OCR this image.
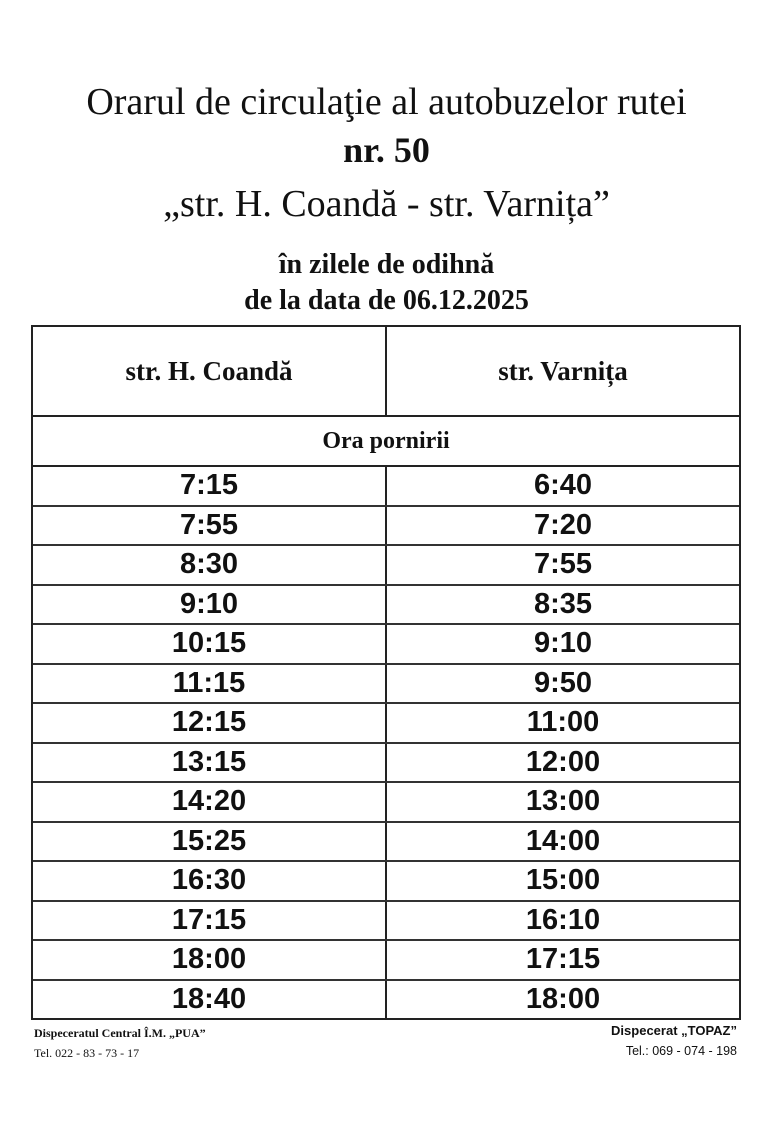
Orarul de circulaţie al autobuzelor rutei
nr. 50
„str. H. Coandă - str. Varnița”
în zilele de odihnă
de la data de 06.12.2025
str. H. Coandă	str. Varnița
Ora pornirii
7:15	6:40
7:55	7:20
8:30	7:55
9:10	8:35
10:15	9:10
11:15	9:50
12:15	11:00
13:15	12:00
14:20	13:00
15:25	14:00
16:30	15:00
17:15	16:10
18:00	17:15
18:40	18:00
Dispeceratul Central Î.M. „PUA”
Tel. 022 - 83 - 73 - 17
Dispecerat „TOPAZ”
Tel.: 069 - 074 - 198
